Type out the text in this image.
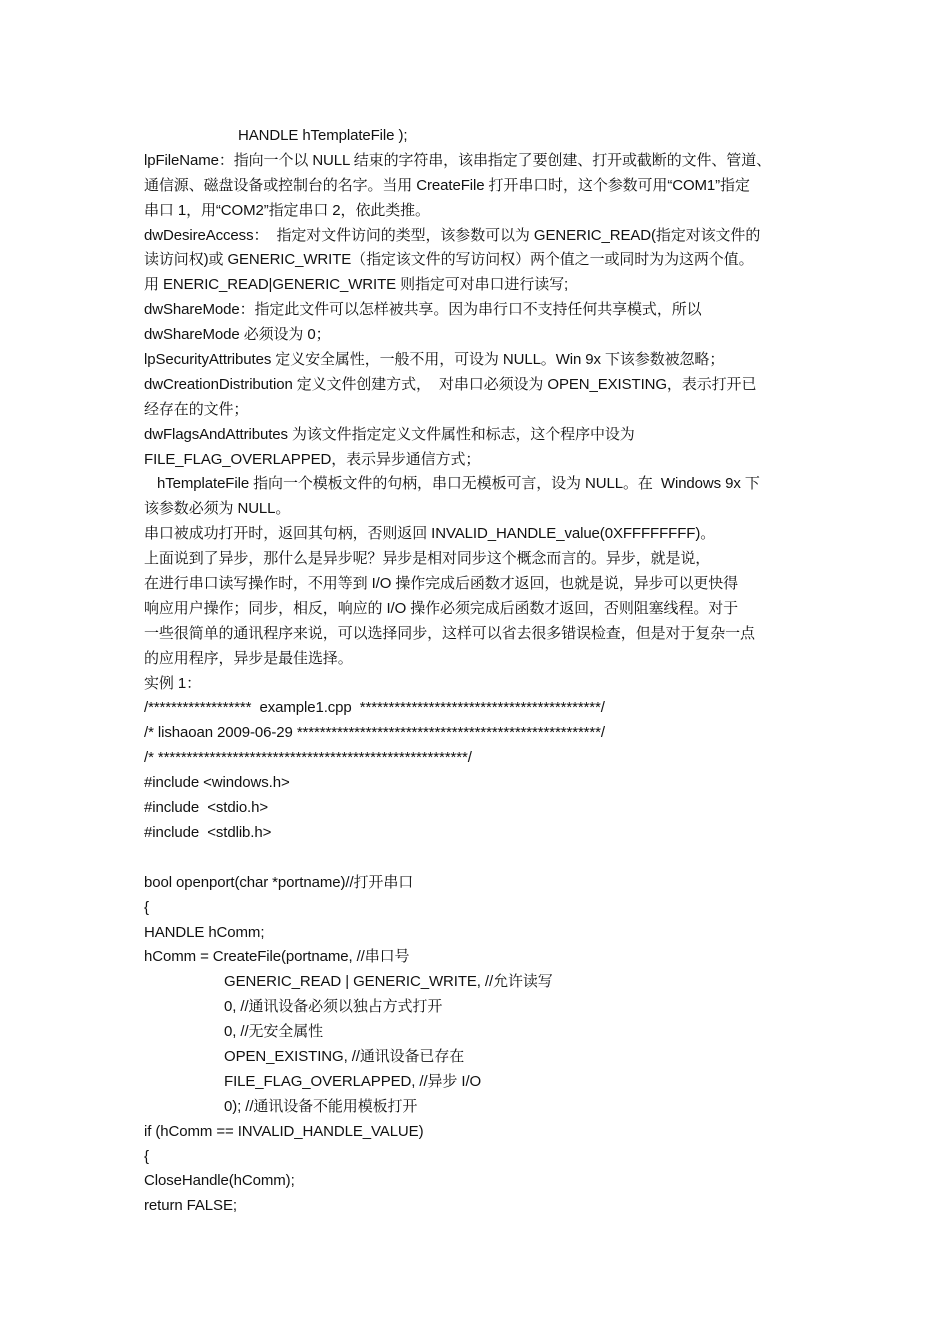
HANDLE hTemplateFile );
lpFileName：指向一个以 NULL 结束的字符串，该串指定了要创建、打开或截断的文件、管道、
通信源、磁盘设备或控制台的名字。当用 CreateFile 打开串口时，这个参数可用“COM1”指定
串口 1，用“COM2”指定串口 2，依此类推。
dwDesireAccess：  指定对文件访问的类型，该参数可以为 GENERIC_READ(指定对该文件的
读访问权)或 GENERIC_WRITE（指定该文件的写访问权）两个值之一或同时为为这两个值。
用 ENERIC_READ|GENERIC_WRITE 则指定可对串口进行读写;
dwShareMode：指定此文件可以怎样被共享。因为串行口不支持任何共享模式，所以
dwShareMode 必须设为 0；
lpSecurityAttributes 定义安全属性，一般不用，可设为 NULL。Win 9x 下该参数被忽略；
dwCreationDistribution 定义文件创建方式，  对串口必须设为 OPEN_EXISTING，表示打开已
经存在的文件；
dwFlagsAndAttributes 为该文件指定定义文件属性和标志，这个程序中设为
FILE_FLAG_OVERLAPPED，表示异步通信方式；
hTemplateFile 指向一个模板文件的句柄，串口无模板可言，设为 NULL。在  Windows 9x 下
该参数必须为 NULL。
串口被成功打开时，返回其句柄，否则返回 INVALID_HANDLE_value(0XFFFFFFFF)。
上面说到了异步，那什么是异步呢？异步是相对同步这个概念而言的。异步，就是说，
在进行串口读写操作时，不用等到 I/O 操作完成后函数才返回，也就是说，异步可以更快得
响应用户操作；同步，相反，响应的 I/O 操作必须完成后函数才返回，否则阻塞线程。对于
一些很简单的通讯程序来说，可以选择同步，这样可以省去很多错误检查，但是对于复杂一点
的应用程序，异步是最佳选择。
实例 1：
/******************  example1.cpp  ******************************************/
/* lishaoan 2009-06-29 *****************************************************/
/* ******************************************************/
#include <windows.h>
#include  <stdio.h>
#include  <stdlib.h>
bool openport(char *portname)//打开串口
{
HANDLE hComm;
hComm = CreateFile(portname, //串口号
GENERIC_READ | GENERIC_WRITE, //允许读写
0, //通讯设备必须以独占方式打开
0, //无安全属性
OPEN_EXISTING, //通讯设备已存在
FILE_FLAG_OVERLAPPED, //异步 I/O
0); //通讯设备不能用模板打开
if (hComm == INVALID_HANDLE_VALUE)
{
CloseHandle(hComm);
return FALSE;
